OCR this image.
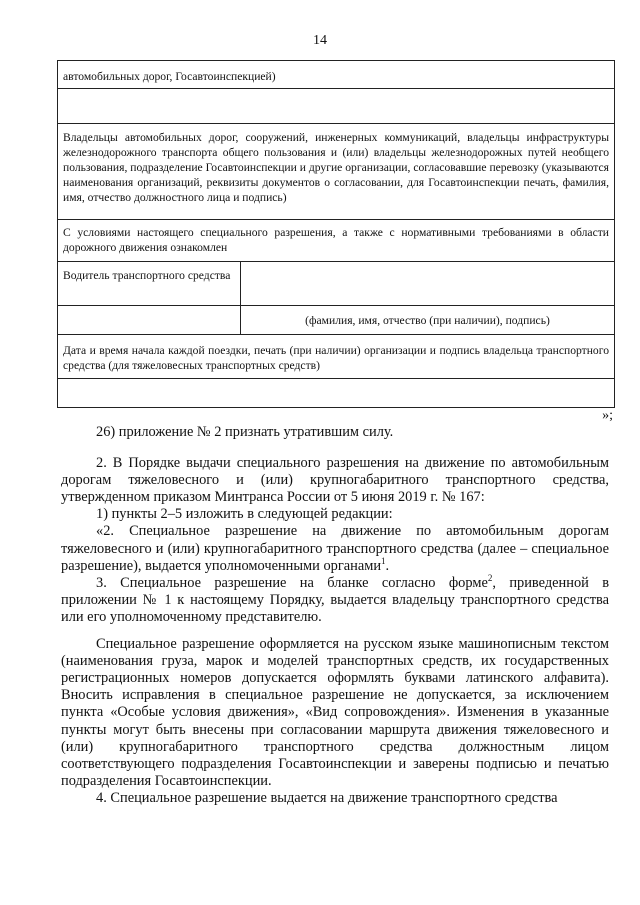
14
автомобильных дорог, Госавтоинспекцией)
Владельцы автомобильных дорог, сооружений, инженерных коммуникаций, владельцы инфраструктуры железнодорожного транспорта общего пользования и (или) владельцы железнодорожных путей необщего пользования, подразделение Госавтоинспекции и другие организации, согласовавшие перевозку (указываются наименования организаций, реквизиты документов о согласовании, для Госавтоинспекции печать, фамилия, имя, отчество должностного лица и подпись)
С условиями настоящего специального разрешения, а также с нормативными требованиями в области дорожного движения ознакомлен
Водитель транспортного средства
(фамилия, имя, отчество (при наличии), подпись)
Дата и время начала каждой поездки, печать (при наличии) организации и подпись владельца транспортного средства (для тяжеловесных транспортных средств)
»;

26) приложение № 2 признать утратившим силу.

2. В Порядке выдачи специального разрешения на движение по автомобильным дорогам тяжеловесного и (или) крупногабаритного транспортного средства, утвержденном приказом Минтранса России от 5 июня 2019 г. № 167:

1) пункты 2–5 изложить в следующей редакции:

«2. Специальное разрешение на движение по автомобильным дорогам тяжеловесного и (или) крупногабаритного транспортного средства (далее – специальное разрешение), выдается уполномоченными органами$^1$.

3. Специальное разрешение на бланке согласно форме$^2$, приведенной в приложении № 1 к настоящему Порядку, выдается владельцу транспортного средства или его уполномоченному представителю.

Специальное разрешение оформляется на русском языке машинописным текстом (наименования груза, марок и моделей транспортных средств, их государственных регистрационных номеров допускается оформлять буквами латинского алфавита). Вносить исправления в специальное разрешение не допускается, за исключением пункта «Особые условия движения», «Вид сопровождения». Изменения в указанные пункты могут быть внесены при согласовании маршрута движения тяжеловесного и (или) крупногабаритного транспортного средства должностным лицом соответствующего подразделения Госавтоинспекции и заверены подписью и печатью подразделения Госавтоинспекции.

4. Специальное разрешение выдается на движение транспортного средства
